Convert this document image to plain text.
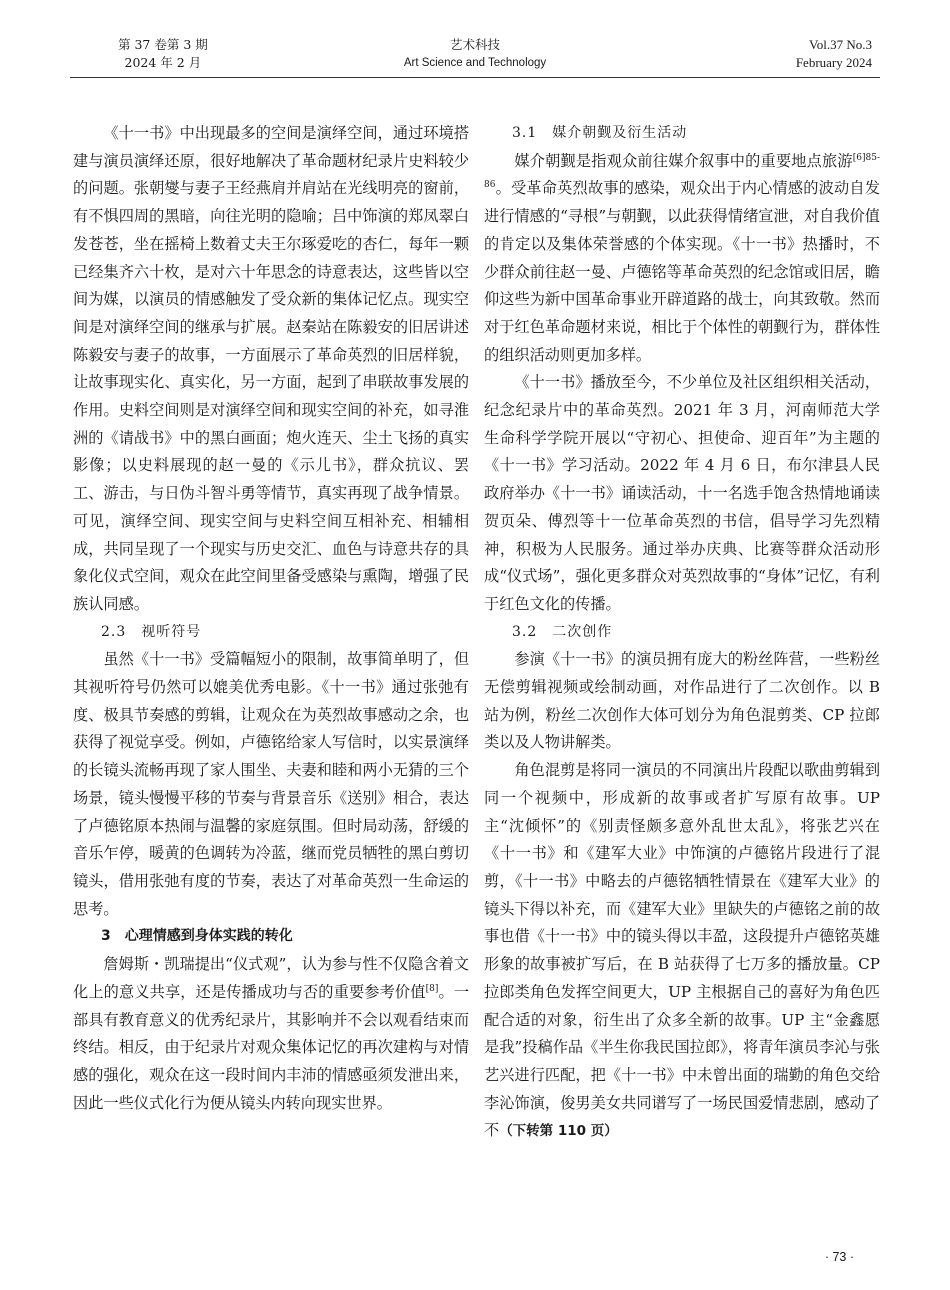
第 37 卷第 3 期
2024 年 2 月
艺术科技
Art Science and Technology
Vol.37 No.3
February 2024

《十一书》中出现最多的空间是演绎空间，通过环境搭建与演员演绎还原，很好地解决了革命题材纪录片史料较少的问题。张朝燮与妻子王经燕肩并肩站在光线明亮的窗前，有不惧四周的黑暗，向往光明的隐喻；吕中饰演的郑凤翠白发苍苍，坐在摇椅上数着丈夫王尔琢爱吃的杏仁，每年一颗已经集齐六十枚，是对六十年思念的诗意表达，这些皆以空间为媒，以演员的情感触发了受众新的集体记忆点。现实空间是对演绎空间的继承与扩展。赵秦站在陈毅安的旧居讲述陈毅安与妻子的故事，一方面展示了革命英烈的旧居样貌，让故事现实化、真实化，另一方面，起到了串联故事发展的作用。史料空间则是对演绎空间和现实空间的补充，如寻淮洲的《请战书》中的黑白画面；炮火连天、尘土飞扬的真实影像；以史料展现的赵一曼的《示儿书》，群众抗议、罢工、游击，与日伪斗智斗勇等情节，真实再现了战争情景。可见，演绎空间、现实空间与史料空间互相补充、相辅相成，共同呈现了一个现实与历史交汇、血色与诗意共存的具象化仪式空间，观众在此空间里备受感染与熏陶，增强了民族认同感。

2.3　视听符号

虽然《十一书》受篇幅短小的限制，故事简单明了，但其视听符号仍然可以媲美优秀电影。《十一书》通过张弛有度、极具节奏感的剪辑，让观众在为英烈故事感动之余，也获得了视觉享受。例如，卢德铭给家人写信时，以实景演绎的长镜头流畅再现了家人围坐、夫妻和睦和两小无猜的三个场景，镜头慢慢平移的节奏与背景音乐《送别》相合，表达了卢德铭原本热闹与温馨的家庭氛围。但时局动荡，舒缓的音乐乍停，暖黄的色调转为冷蓝，继而党员牺牲的黑白剪切镜头，借用张弛有度的节奏，表达了对革命英烈一生命运的思考。

3　心理情感到身体实践的转化

詹姆斯・凯瑞提出“仪式观”，认为参与性不仅隐含着文化上的意义共享，还是传播成功与否的重要参考价值[8]。一部具有教育意义的优秀纪录片，其影响并不会以观看结束而终结。相反，由于纪录片对观众集体记忆的再次建构与对情感的强化，观众在这一段时间内丰沛的情感亟须发泄出来，因此一些仪式化行为便从镜头内转向现实世界。

3.1　媒介朝觐及衍生活动

媒介朝觐是指观众前往媒介叙事中的重要地点旅游$^{[6]85-86}$。受革命英烈故事的感染，观众出于内心情感的波动自发进行情感的“寻根”与朝觐，以此获得情绪宣泄，对自我价值的肯定以及集体荣誉感的个体实现。《十一书》热播时，不少群众前往赵一曼、卢德铭等革命英烈的纪念馆或旧居，瞻仰这些为新中国革命事业开辟道路的战士，向其致敬。然而对于红色革命题材来说，相比于个体性的朝觐行为，群体性的组织活动则更加多样。

《十一书》播放至今，不少单位及社区组织相关活动，纪念纪录片中的革命英烈。2021 年 3 月，河南师范大学生命科学学院开展以“守初心、担使命、迎百年”为主题的《十一书》学习活动。2022 年 4 月 6 日，布尔津县人民政府举办《十一书》诵读活动，十一名选手饱含热情地诵读贺页朵、傅烈等十一位革命英烈的书信，倡导学习先烈精神，积极为人民服务。通过举办庆典、比赛等群众活动形成“仪式场”，强化更多群众对英烈故事的“身体”记忆，有利于红色文化的传播。

3.2　二次创作

参演《十一书》的演员拥有庞大的粉丝阵营，一些粉丝无偿剪辑视频或绘制动画，对作品进行了二次创作。以 B 站为例，粉丝二次创作大体可划分为角色混剪类、CP 拉郎类以及人物讲解类。

角色混剪是将同一演员的不同演出片段配以歌曲剪辑到同一个视频中，形成新的故事或者扩写原有故事。UP 主“沈倾怀”的《别责怪颇多意外乱世太乱》，将张艺兴在《十一书》和《建军大业》中饰演的卢德铭片段进行了混剪，《十一书》中略去的卢德铭牺牲情景在《建军大业》的镜头下得以补充，而《建军大业》里缺失的卢德铭之前的故事也借《十一书》中的镜头得以丰盈，这段提升卢德铭英雄形象的故事被扩写后，在 B 站获得了七万多的播放量。CP 拉郎类角色发挥空间更大，UP 主根据自己的喜好为角色匹配合适的对象，衍生出了众多全新的故事。UP 主“金鑫愿是我”投稿作品《半生你我民国拉郎》，将青年演员李沁与张艺兴进行匹配，把《十一书》中未曾出面的瑞勤的角色交给李沁饰演，俊男美女共同谱写了一场民国爱情悲剧，感动了不（下转第 110 页）

· 73 ·
